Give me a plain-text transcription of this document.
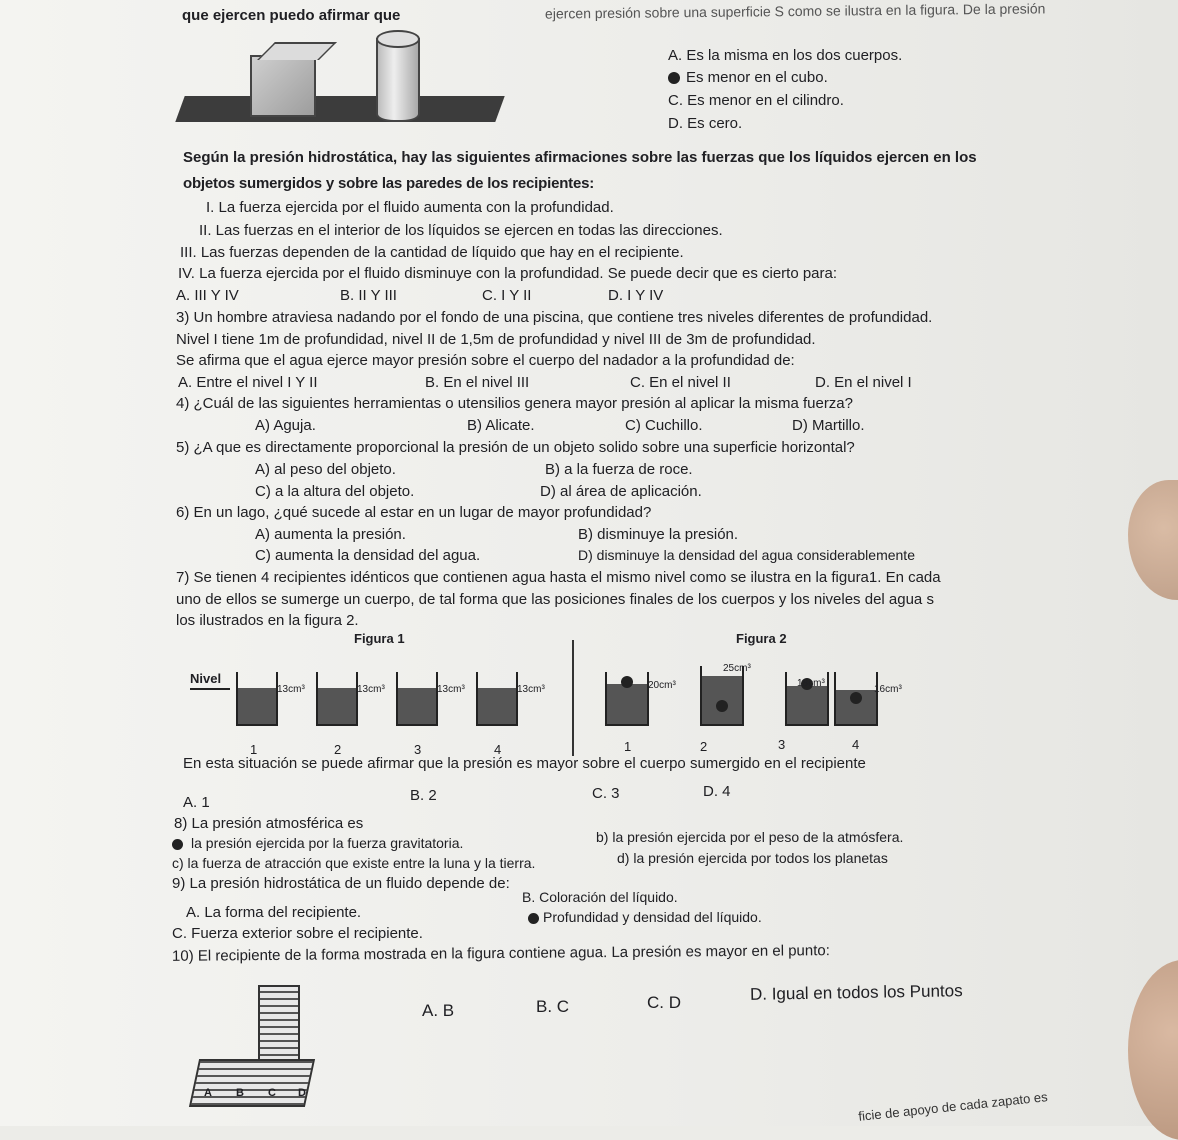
ejercen presión sobre una superficie S como se ilustra en la figura. De la presión
que ejercen puedo afirmar que
A. Es la misma en los dos cuerpos.
Es menor en el cubo.
C. Es menor en el cilindro.
D. Es cero.
Según la presión hidrostática, hay las siguientes afirmaciones sobre las fuerzas que los líquidos ejercen en los
objetos sumergidos y sobre las paredes de los recipientes:
I. La fuerza ejercida por el fluido aumenta con la profundidad.
II. Las fuerzas en el interior de los líquidos se ejercen en todas las direcciones.
III. Las fuerzas dependen de la cantidad de líquido que hay en el recipiente.
IV. La fuerza ejercida por el fluido disminuye con la profundidad. Se puede decir que es cierto para:
A. III Y IV	B. II Y III	C. I Y II	D. I Y IV
3) Un hombre atraviesa nadando por el fondo de una piscina, que contiene tres niveles diferentes de profundidad.
Nivel I tiene 1m de profundidad, nivel II de 1,5m de profundidad y nivel III de 3m de profundidad.
Se afirma que el agua ejerce mayor presión sobre el cuerpo del nadador a la profundidad de:
A. Entre el nivel I Y II	B. En el nivel III	C. En el nivel II	D. En el nivel I
4) ¿Cuál de las siguientes herramientas o utensilios genera mayor presión al aplicar la misma fuerza?
A) Aguja.	B) Alicate.	C) Cuchillo.	D) Martillo.
5) ¿A que es directamente proporcional la presión de un objeto solido sobre una superficie horizontal?
A) al peso del objeto.	B) a la fuerza de roce.
C) a la altura del objeto.	D) al área de aplicación.
6) En un lago, ¿qué sucede al estar en un lugar de mayor profundidad?
A) aumenta la presión.	B) disminuye la presión.
C) aumenta la densidad del agua.	D) disminuye la densidad del agua considerablemente
7) Se tienen 4 recipientes idénticos que contienen agua hasta el mismo nivel como se ilustra en la figura1. En cada
uno de ellos se sumerge un cuerpo, de tal forma que las posiciones finales de los cuerpos y los niveles del agua s
los ilustrados en la figura 2.
Figura 1	Figura 2
Nivel
13cm³	13cm³	13cm³	13cm³
1	2	3	4
20cm³
25cm³
18cm³
16cm³
1	2	3	4
En esta situación se puede afirmar que la presión es mayor sobre el cuerpo sumergido en el recipiente
A. 1	B. 2	C. 3	D. 4
8) La presión atmosférica es
la presión ejercida por la fuerza gravitatoria.	b) la presión ejercida por el peso de la atmósfera.
c) la fuerza de atracción que existe entre la luna y la tierra.	d) la presión ejercida por todos los planetas
9) La presión hidrostática de un fluido depende de:
B. Coloración del líquido.
A. La forma del recipiente.	Profundidad y densidad del líquido.
C. Fuerza exterior sobre el recipiente.
10) El recipiente de la forma mostrada en la figura contiene agua. La presión es mayor en el punto:
A B C D
A. B	B. C	C. D	D. Igual en todos los Puntos
ficie de apoyo de cada zapato es
